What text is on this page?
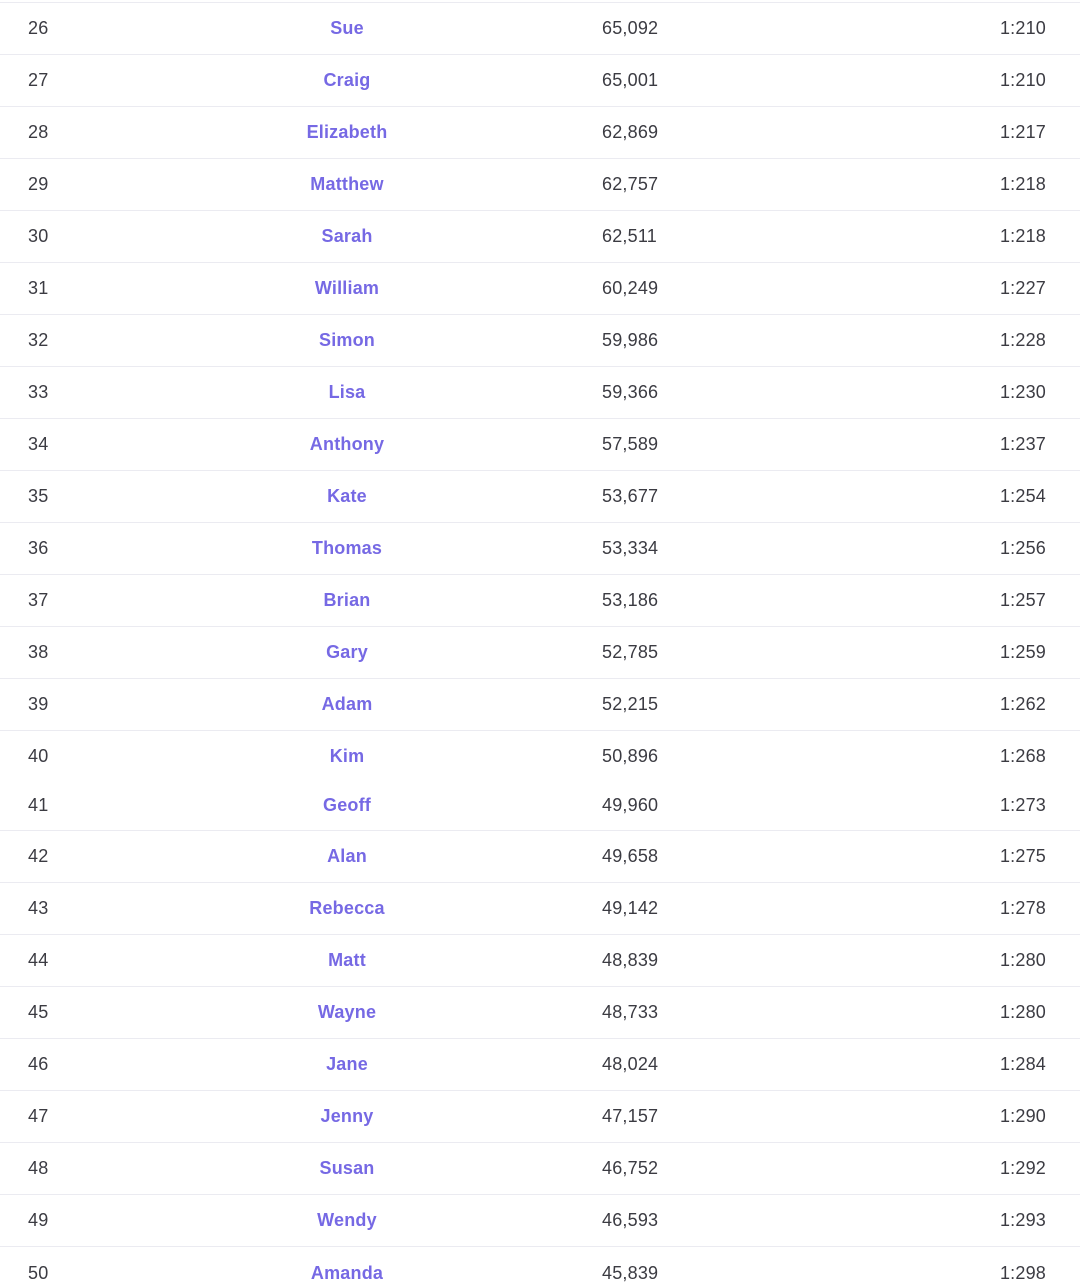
26	Sue	65,092	1:210
27	Craig	65,001	1:210
28	Elizabeth	62,869	1:217
29	Matthew	62,757	1:218
30	Sarah	62,511	1:218
31	William	60,249	1:227
32	Simon	59,986	1:228
33	Lisa	59,366	1:230
34	Anthony	57,589	1:237
35	Kate	53,677	1:254
36	Thomas	53,334	1:256
37	Brian	53,186	1:257
38	Gary	52,785	1:259
39	Adam	52,215	1:262
40	Kim	50,896	1:268
41	Geoff	49,960	1:273
42	Alan	49,658	1:275
43	Rebecca	49,142	1:278
44	Matt	48,839	1:280
45	Wayne	48,733	1:280
46	Jane	48,024	1:284
47	Jenny	47,157	1:290
48	Susan	46,752	1:292
49	Wendy	46,593	1:293
50	Amanda	45,839	1:298
